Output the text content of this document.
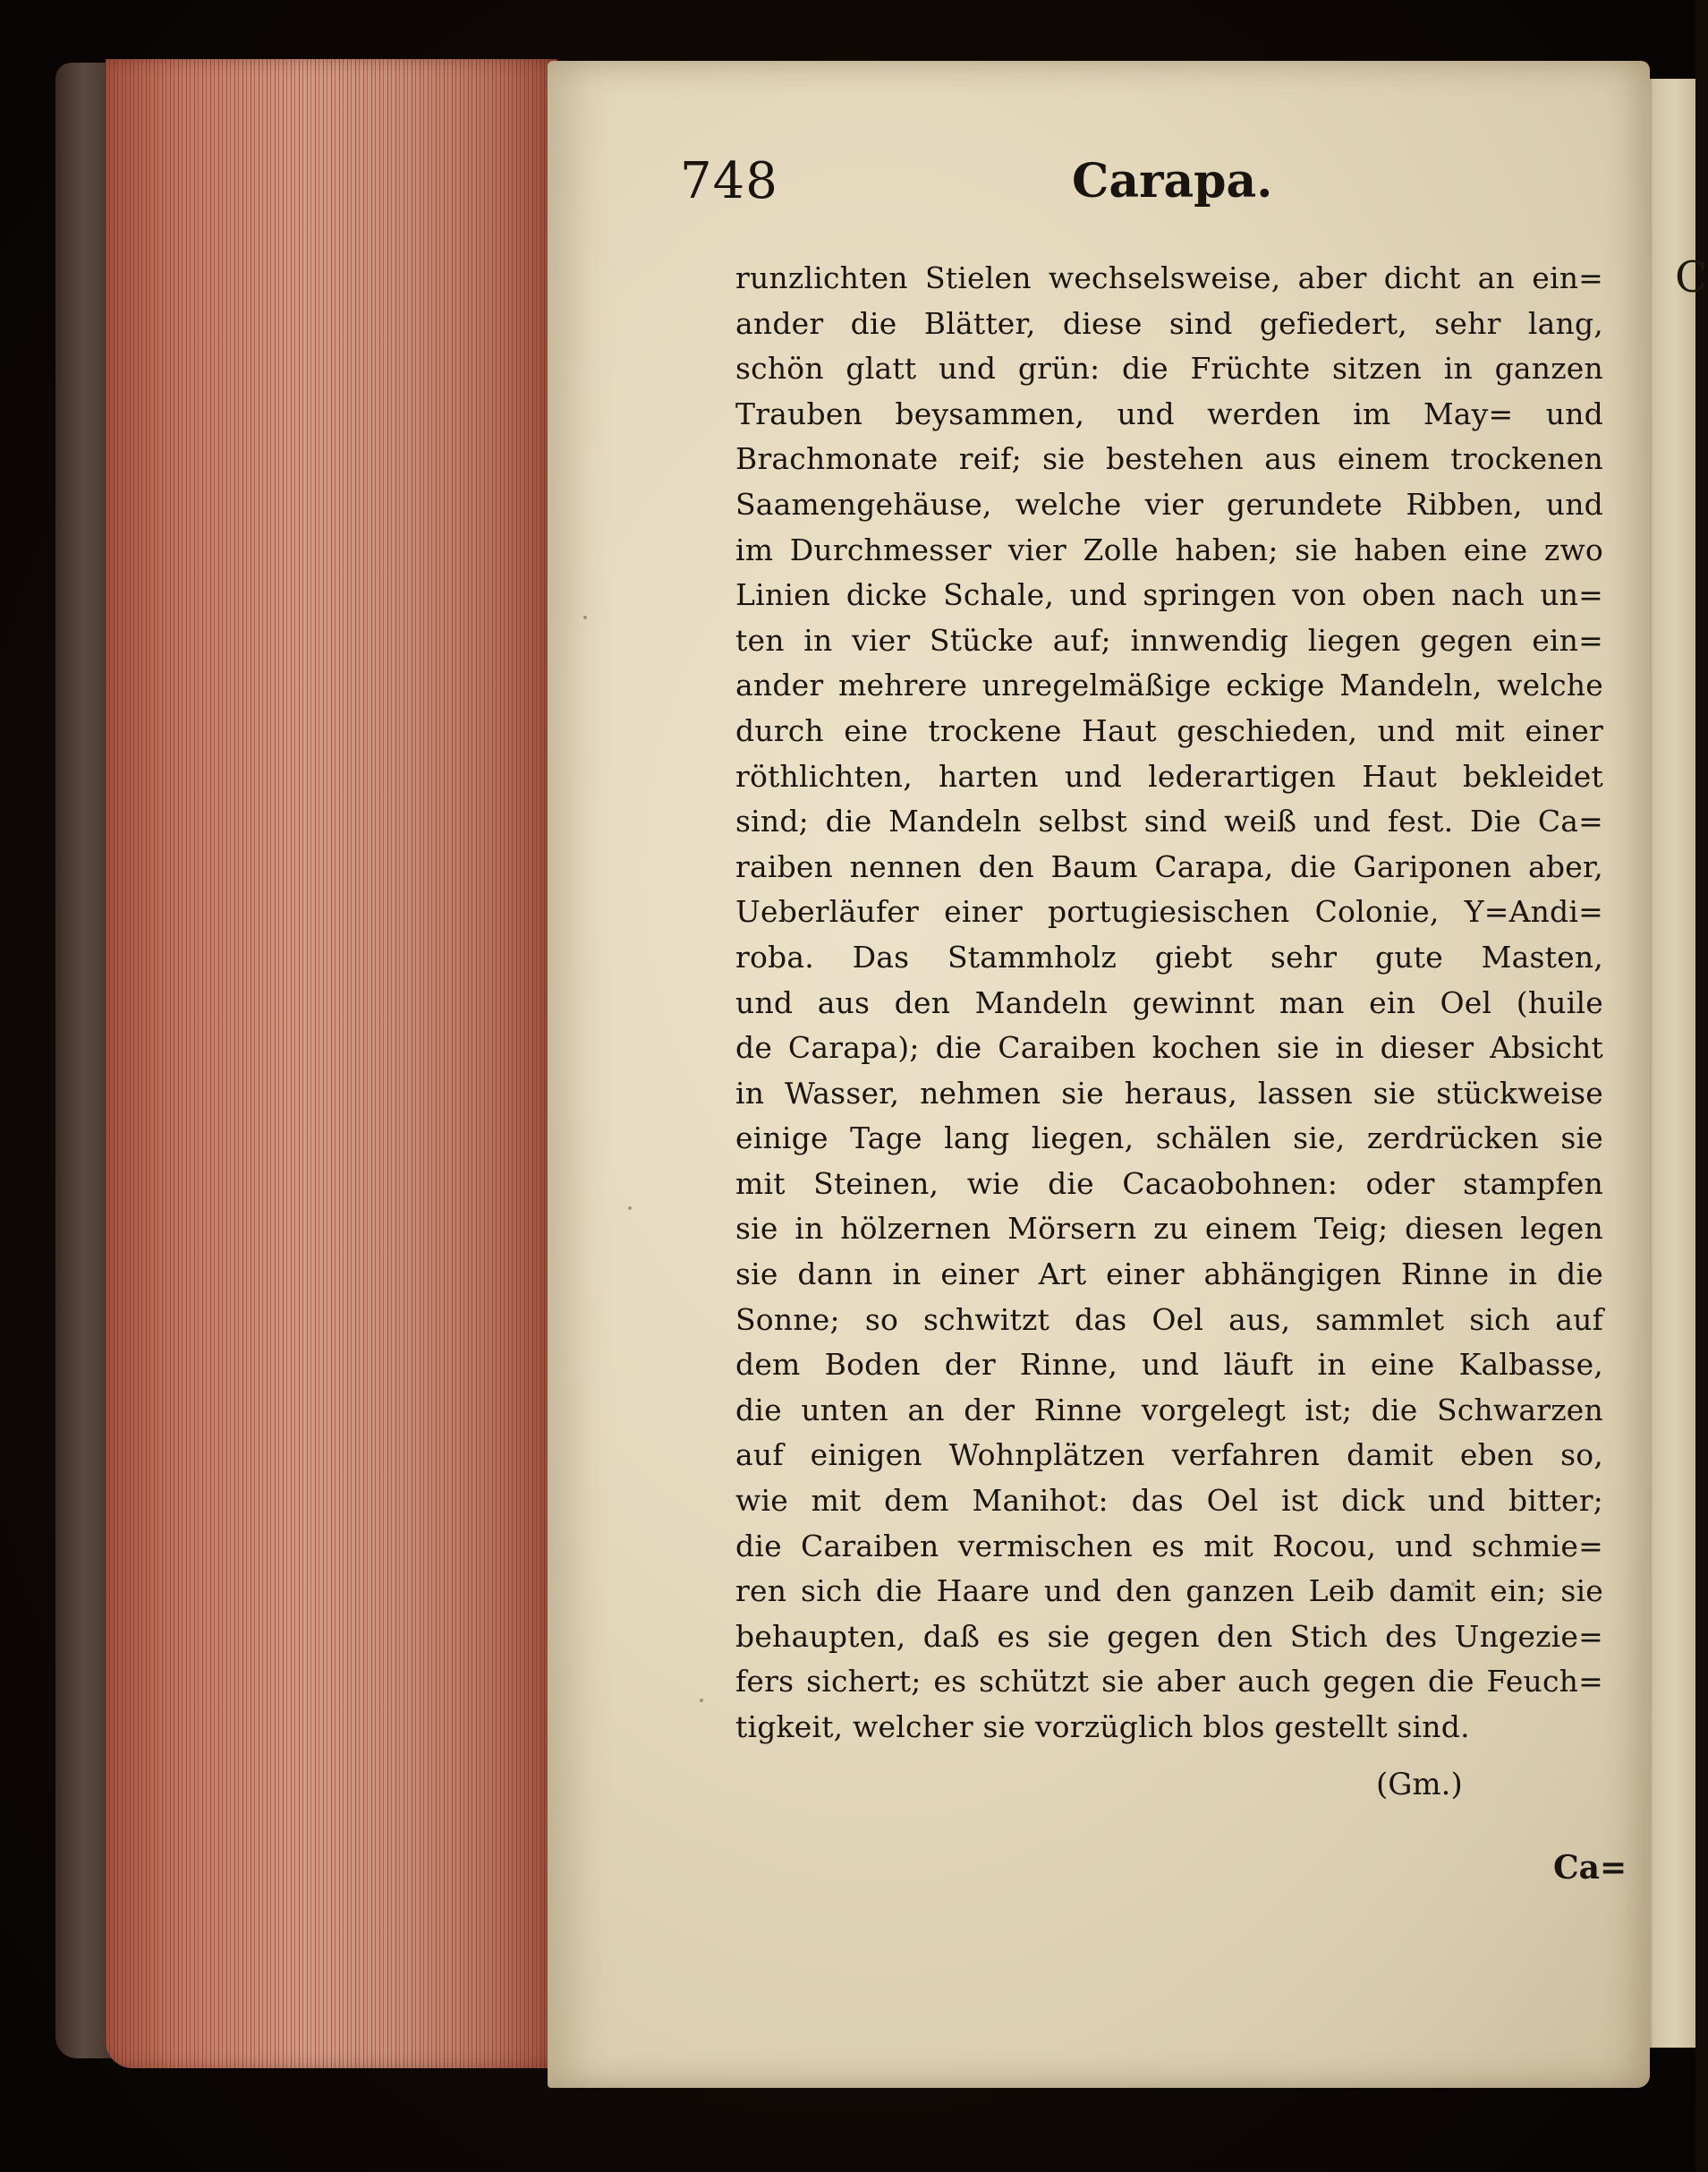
C
748	Carapa.
runzlichten Stielen wechselsweise, aber dicht an ein=
ander die Blätter, diese sind gefiedert, sehr lang,
schön glatt und grün: die Früchte sitzen in ganzen
Trauben beysammen, und werden im May= und
Brachmonate reif; sie bestehen aus einem trockenen
Saamengehäuse, welche vier gerundete Ribben, und
im Durchmesser vier Zolle haben; sie haben eine zwo
Linien dicke Schale, und springen von oben nach un=
ten in vier Stücke auf; innwendig liegen gegen ein=
ander mehrere unregelmäßige eckige Mandeln, welche
durch eine trockene Haut geschieden, und mit einer
röthlichten, harten und lederartigen Haut bekleidet
sind; die Mandeln selbst sind weiß und fest. Die Ca=
raiben nennen den Baum Carapa, die Gariponen aber,
Ueberläufer einer portugiesischen Colonie, Y=Andi=
roba. Das Stammholz giebt sehr gute Masten,
und aus den Mandeln gewinnt man ein Oel (huile
de Carapa); die Caraiben kochen sie in dieser Absicht
in Wasser, nehmen sie heraus, lassen sie stückweise
einige Tage lang liegen, schälen sie, zerdrücken sie
mit Steinen, wie die Cacaobohnen: oder stampfen
sie in hölzernen Mörsern zu einem Teig; diesen legen
sie dann in einer Art einer abhängigen Rinne in die
Sonne; so schwitzt das Oel aus, sammlet sich auf
dem Boden der Rinne, und läuft in eine Kalbasse,
die unten an der Rinne vorgelegt ist; die Schwarzen
auf einigen Wohnplätzen verfahren damit eben so,
wie mit dem Manihot: das Oel ist dick und bitter;
die Caraiben vermischen es mit Rocou, und schmie=
ren sich die Haare und den ganzen Leib damit ein; sie
behaupten, daß es sie gegen den Stich des Ungezie=
fers sichert; es schützt sie aber auch gegen die Feuch=
tigkeit, welcher sie vorzüglich blos gestellt sind.
(Gm.)
Ca=
